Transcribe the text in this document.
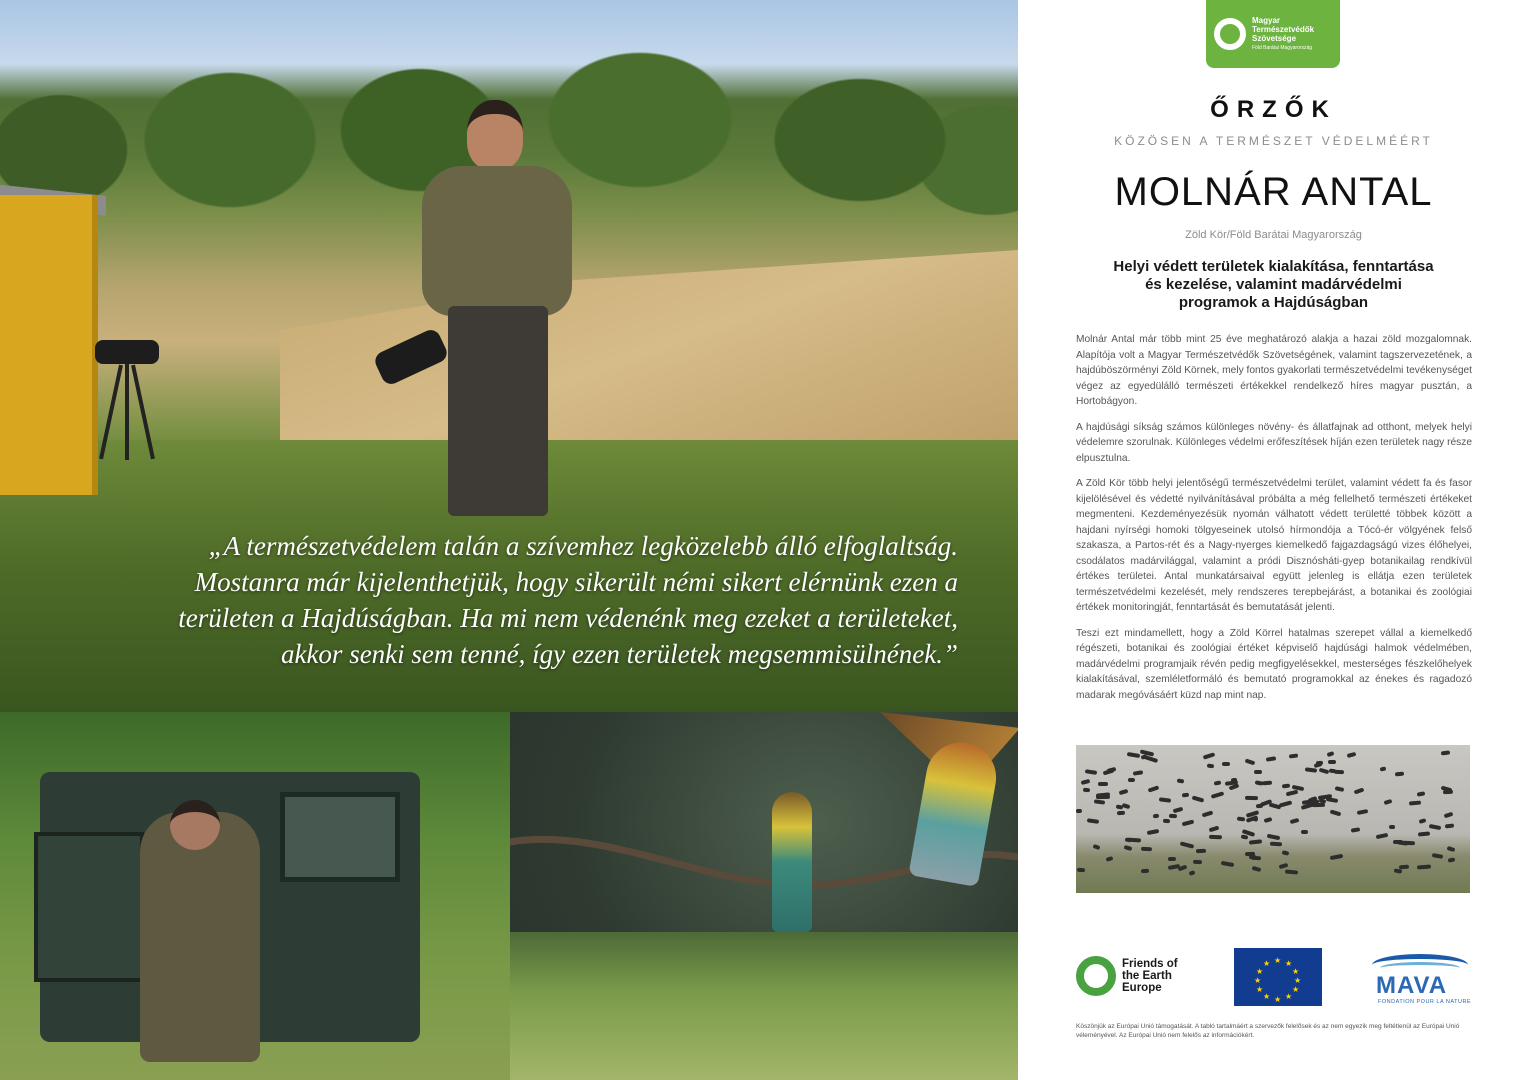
„A természetvédelem talán a szívemhez legközelebb álló elfoglaltság.
Mostanra már kijelenthetjük, hogy sikerült némi sikert elérnünk ezen a
területen a Hajdúságban. Ha mi nem védenénk meg ezeket a területeket,
akkor senki sem tenné, így ezen területek megsemmisülnének.”
Magyar
Természetvédők
Szövetsége
Föld Barátai Magyarország
ŐRZŐK
KÖZÖSEN A TERMÉSZET VÉDELMÉÉRT
MOLNÁR ANTAL
Zöld Kör/Föld Barátai Magyarország
Helyi védett területek kialakítása, fenntartása és kezelése, valamint madárvédelmi programok a Hajdúságban

Molnár Antal már több mint 25 éve meghatározó alakja a hazai zöld mozgalomnak. Alapítója volt a Magyar Természetvédők Szövetségének, valamint tagszervezetének, a hajdúböszörményi Zöld Körnek, mely fontos gyakorlati természetvédelmi tevékenységet végez az egyedülálló természeti értékekkel rendelkező híres magyar pusztán, a Hortobágyon.

A hajdúsági síkság számos különleges növény- és állatfajnak ad otthont, melyek helyi védelemre szorulnak. Különleges védelmi erőfeszítések híján ezen területek nagy része elpusztulna.

A Zöld Kör több helyi jelentőségű természetvédelmi terület, valamint védett fa és fasor kijelölésével és védetté nyilvánításával próbálta a még fellelhető természeti értékeket megmenteni. Kezdeményezésük nyomán válhatott védett területté többek között a hajdani nyírségi homoki tölgyeseinek utolsó hírmondója a Tócó-ér völgyének felső szakasza, a Partos-rét és a Nagy-nyerges kiemelkedő fajgazdagságú vizes élőhelyei, csodálatos madárvilággal, valamint a pródi Disznósháti-gyep botanikailag rendkívül értékes területei. Antal munkatársaival együtt jelenleg is ellátja ezen területek természetvédelmi kezelését, mely rendszeres terepbejárást, a botanikai és zoológiai értékek monitoringját, fenntartását és bemutatását jelenti.

Teszi ezt mindamellett, hogy a Zöld Körrel hatalmas szerepet vállal a kiemelkedő régészeti, botanikai és zoológiai értéket képviselő hajdúsági halmok védelmében, madárvédelmi programjaik révén pedig megfigyelésekkel, mesterséges fészkelőhelyek kialakításával, szemléletformáló és bemutató programokkal az énekes és ragadozó madarak megóvásáért küzd nap mint nap.

Friends of
the Earth
Europe
★ ★
★
★
★
★
★
★
★
★
★
★
MAVA
FONDATION POUR LA NATURE
Köszönjük az Európai Unió támogatását. A tabló tartalmáért a szervezők felelősek és az nem egyezik meg feltétlenül az Európai Unió véleményével. Az Európai Unió nem felelős az információkért.
